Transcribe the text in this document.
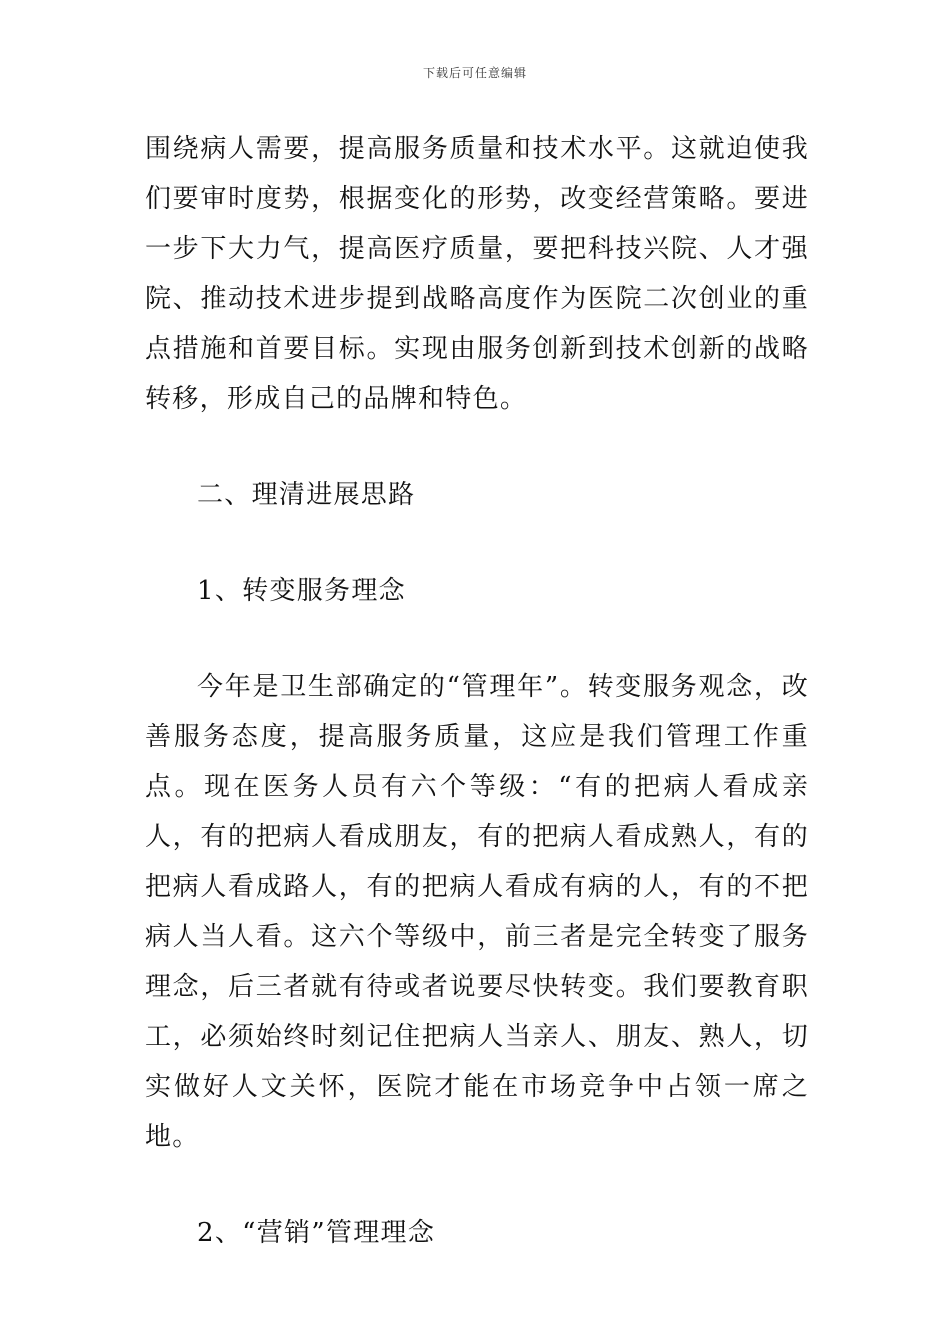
下载后可任意编辑

围绕病人需要，提高服务质量和技术水平。这就迫使我们要审时度势，根据变化的形势，改变经营策略。要进一步下大力气，提高医疗质量，要把科技兴院、人才强院、推动技术进步提到战略高度作为医院二次创业的重点措施和首要目标。实现由服务创新到技术创新的战略转移，形成自己的品牌和特色。

二、理清进展思路

1、转变服务理念

今年是卫生部确定的“管理年”。转变服务观念，改善服务态度，提高服务质量，这应是我们管理工作重点。现在医务人员有六个等级：“有的把病人看成亲人，有的把病人看成朋友，有的把病人看成熟人，有的把病人看成路人，有的把病人看成有病的人，有的不把病人当人看。这六个等级中，前三者是完全转变了服务理念，后三者就有待或者说要尽快转变。我们要教育职工，必须始终时刻记住把病人当亲人、朋友、熟人，切实做好人文关怀，医院才能在市场竞争中占领一席之地。

2、“营销”管理理念
